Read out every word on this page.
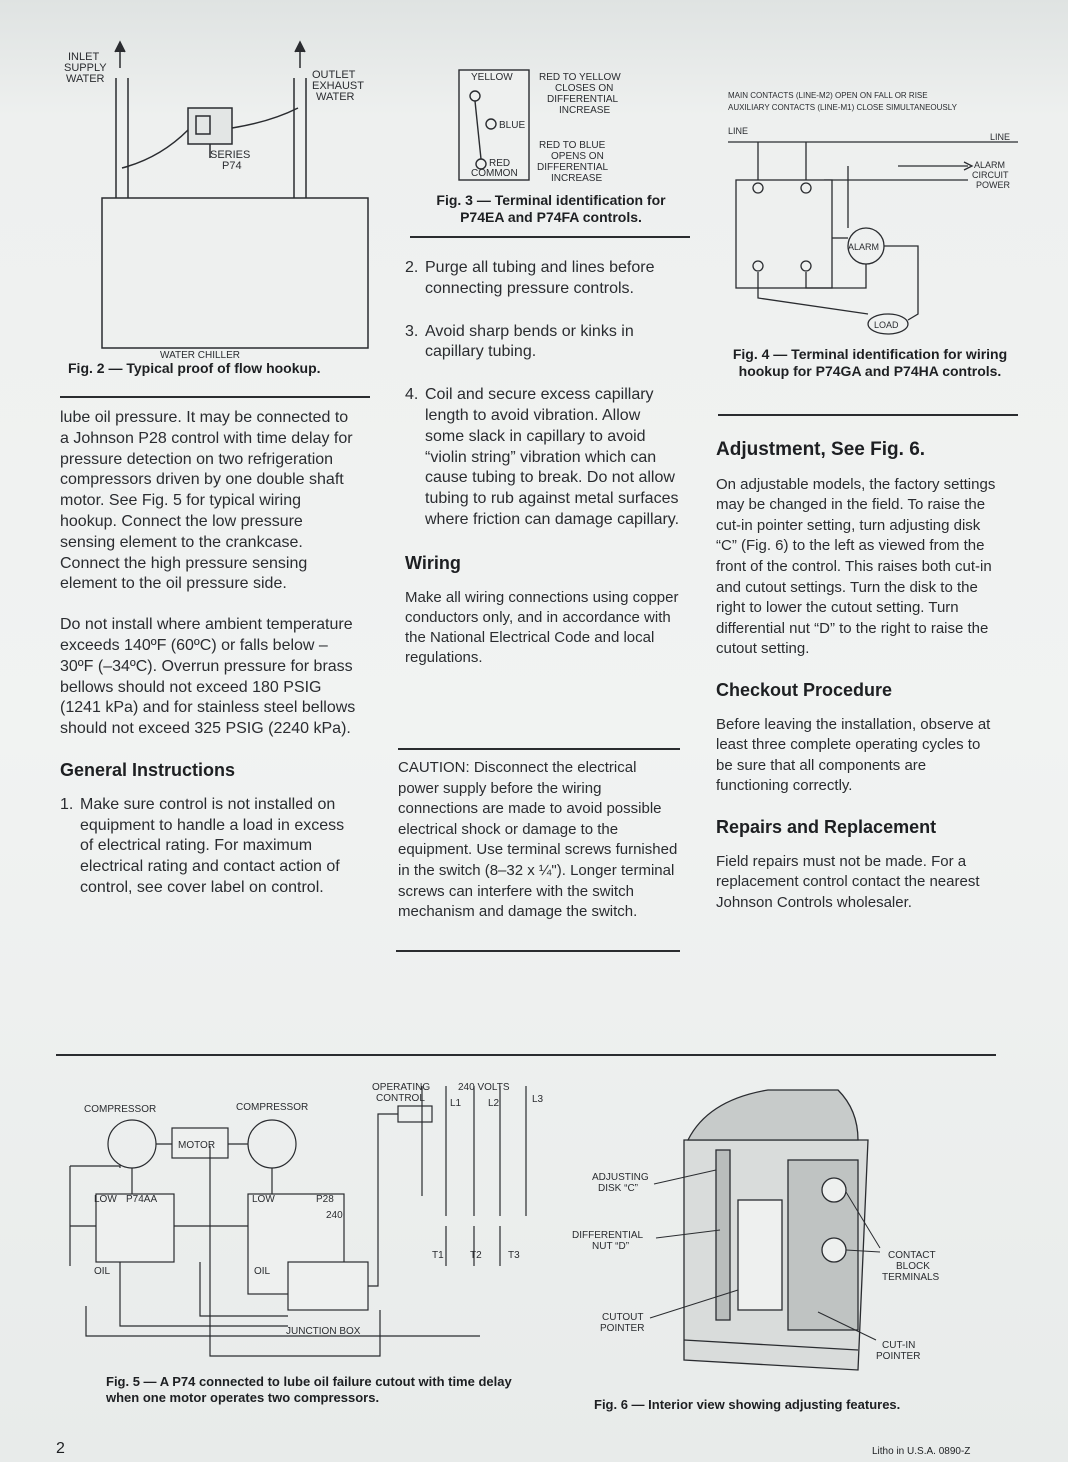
INLET SUPPLY WATER	OUTLET EXHAUST WATER
SERIES P74
WATER CHILLER
Fig. 2 — Typical proof of flow hookup.
YELLOW
BLUE
RED
COMMON
RED TO YELLOW CLOSES ON DIFFERENTIAL INCREASE
RED TO BLUE OPENS ON DIFFERENTIAL INCREASE
Fig. 3 — Terminal identification for P74EA and P74FA controls.
MAIN CONTACTS (LINE-M2) OPEN ON FALL OR RISE
AUXILIARY CONTACTS (LINE-M1) CLOSE SIMULTANEOUSLY
LINE
LINE
ALARM CIRCUIT POWER
ALARM
LOAD
Fig. 4 — Terminal identification for wiring hookup for P74GA and P74HA controls.

lube oil pressure. It may be connected to a Johnson P28 control with time delay for pressure detection on two refrigeration compressors driven by one double shaft motor. See Fig. 5 for typical wiring hookup. Connect the low pressure sensing element to the crankcase. Connect the high pressure sensing element to the oil pressure side.

Do not install where ambient temperature exceeds 140ºF (60ºC) or falls below –30ºF (–34ºC). Overrun pressure for brass bellows should not exceed 180 PSIG (1241 kPa) and for stainless steel bellows should not exceed 325 PSIG (2240 kPa).

General Instructions
1. Make sure control is not installed on equipment to handle a load in excess of electrical rating. For maximum electrical rating and contact action of control, see cover label on control.
2. Purge all tubing and lines before connecting pressure controls.
3. Avoid sharp bends or kinks in capillary tubing.
4. Coil and secure excess capillary length to avoid vibration. Allow some slack in capillary to avoid “violin string” vibration which can cause tubing to break. Do not allow tubing to rub against metal surfaces where friction can damage capillary.
Wiring

Make all wiring connections using copper conductors only, and in accordance with the National Electrical Code and local regulations.

CAUTION: Disconnect the electrical power supply before the wiring connections are made to avoid possible electrical shock or damage to the equipment. Use terminal screws furnished in the switch (8–32 x ¼"). Longer terminal screws can interfere with the switch mechanism and damage the switch.

Adjustment, See Fig. 6.

On adjustable models, the factory settings may be changed in the field. To raise the cut-in pointer setting, turn adjusting disk “C” (Fig. 6) to the left as viewed from the front of the control. This raises both cut-in and cutout settings. Turn the disk to the right to lower the cutout setting. Turn differential nut “D” to the right to raise the cutout setting.

Checkout Procedure

Before leaving the installation, observe at least three complete operating cycles to be sure that all components are functioning correctly.

Repairs and Replacement

Field repairs must not be made. For a replacement control contact the nearest Johnson Controls wholesaler.

COMPRESSOR	COMPRESSOR
MOTOR
OPERATING CONTROL
240 VOLTS
L1	L2	L3
LOW P74AA
OIL
LOW	P28
240
OIL
T1	T2	T3
JUNCTION BOX
Fig. 5 — A P74 connected to lube oil failure cutout with time delay when one motor operates two compressors.
ADJUSTING DISK “C”
DIFFERENTIAL NUT “D”
CUTOUT POINTER
CONTACT BLOCK TERMINALS
CUT-IN POINTER
Fig. 6 — Interior view showing adjusting features.
2	Litho in U.S.A. 0890-Z
